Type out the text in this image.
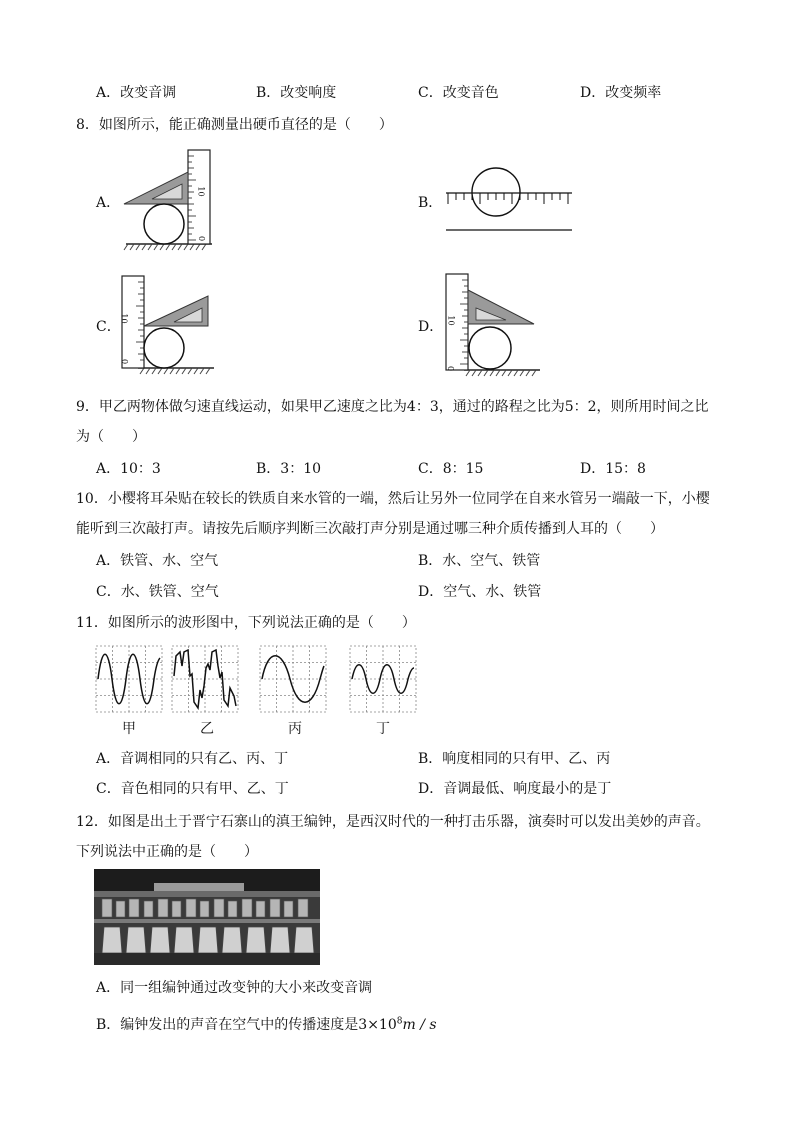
A．改变音调	B．改变响度	C．改变音色	D．改变频率
8．如图所示，能正确测量出硬币直径的是（　　）
A．	B．
C．	D．
10
0
10
0
10
0
9．甲乙两物体做匀速直线运动，如果甲乙速度之比为4：3，通过的路程之比为5：2，则所用时间之比
为（　　）
A．10：3	B．3：10	C．8：15	D．15：8
10．小樱将耳朵贴在较长的铁质自来水管的一端，然后让另外一位同学在自来水管另一端敲一下，小樱
能听到三次敲打声。请按先后顺序判断三次敲打声分别是通过哪三种介质传播到人耳的（　　）
A．铁管、水、空气	B．水、空气、铁管
C．水、铁管、空气	D．空气、水、铁管
11．如图所示的波形图中，下列说法正确的是（　　）
甲	乙	丙	丁
A．音调相同的只有乙、丙、丁	B．响度相同的只有甲、乙、丙
C．音色相同的只有甲、乙、丁	D．音调最低、响度最小的是丁
12．如图是出土于晋宁石寨山的滇王编钟，是西汉时代的一种打击乐器，演奏时可以发出美妙的声音。
下列说法中正确的是（　　）
A．同一组编钟通过改变钟的大小来改变音调
B．编钟发出的声音在空气中的传播速度是$3\times 10^8m / s$
